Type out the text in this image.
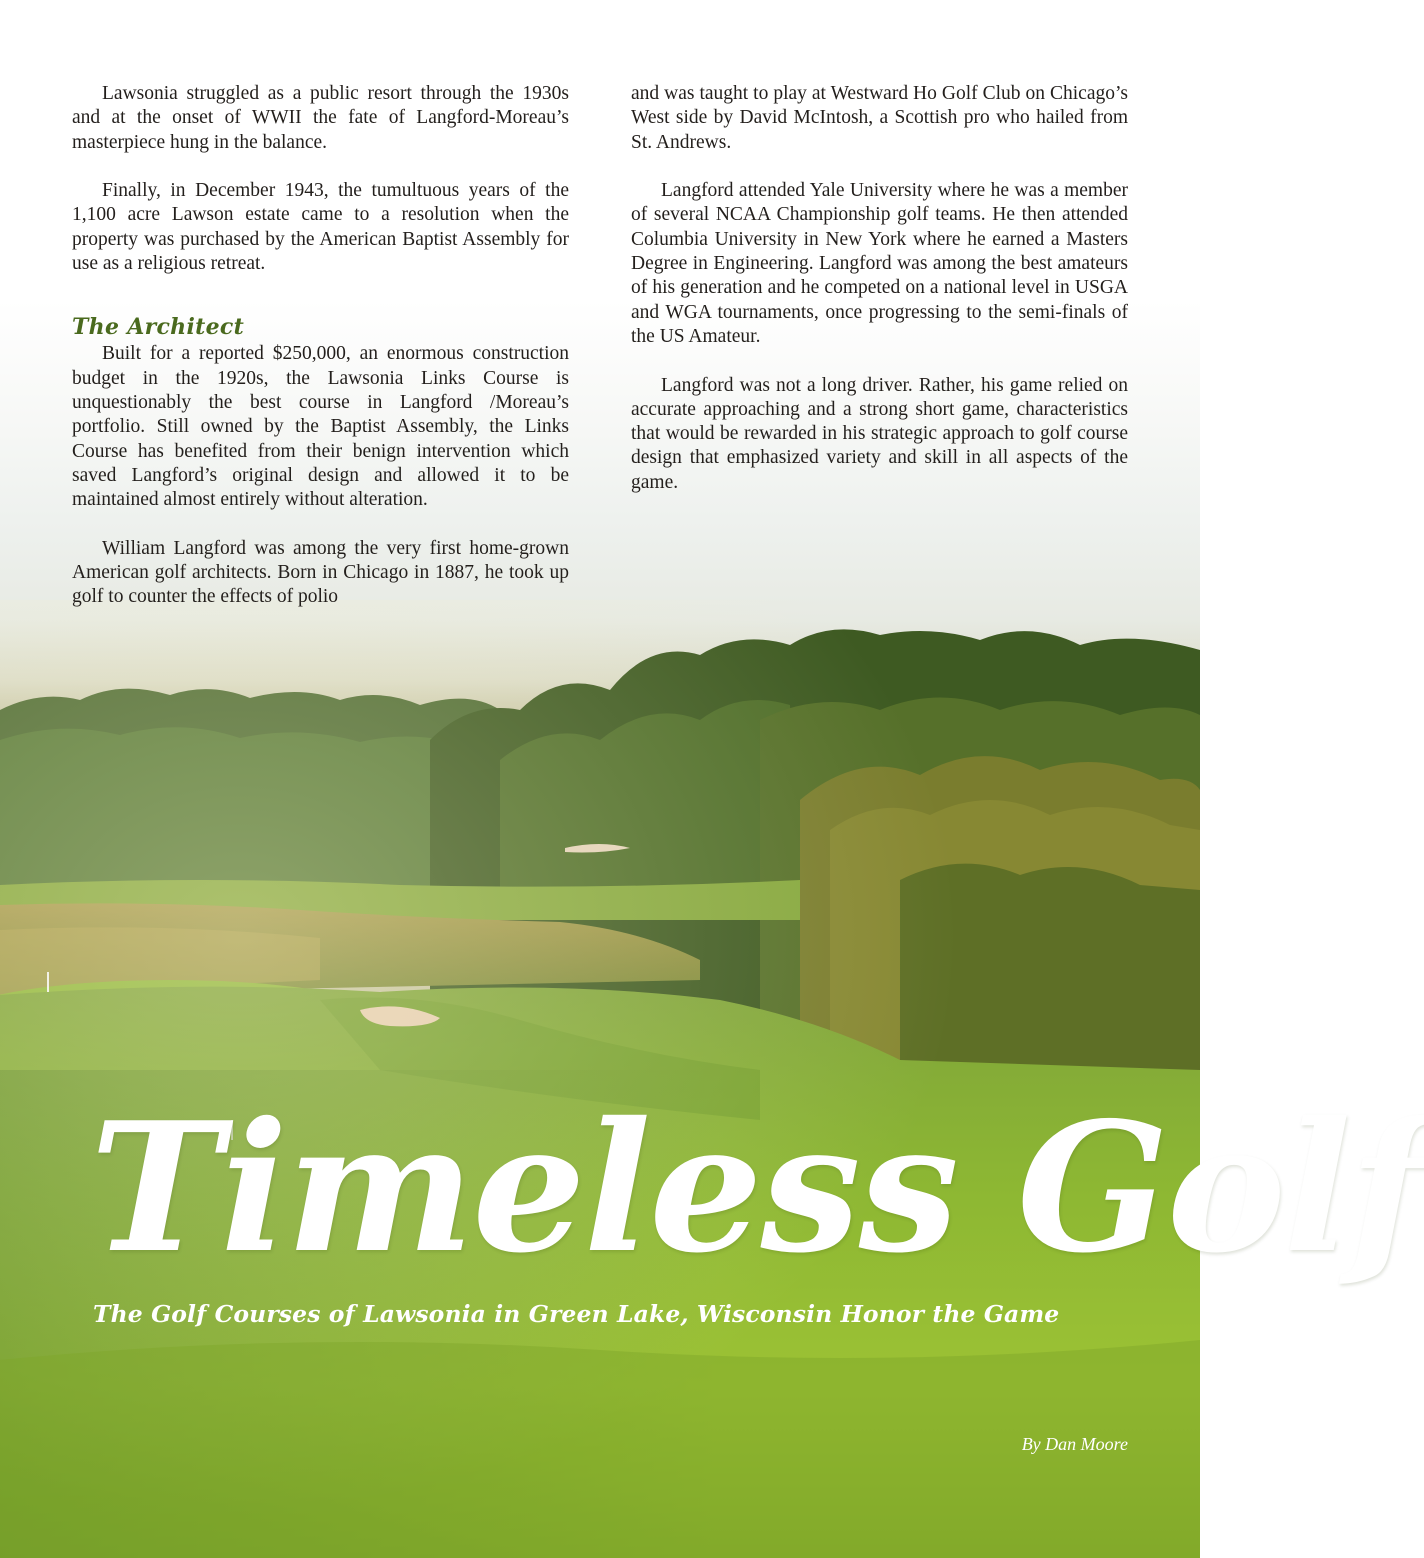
Lawsonia struggled as a public resort through the 1930s and at the onset of WWII the fate of Langford-Moreau’s masterpiece hung in the balance.

Finally, in December 1943, the tumultuous years of the 1,100 acre Lawson estate came to a resolution when the property was purchased by the American Baptist Assembly for use as a religious retreat.

The Architect

Built for a reported $250,000, an enormous construction budget in the 1920s, the Lawsonia Links Course is unquestionably the best course in Langford /Moreau’s portfolio. Still owned by the Baptist Assembly, the Links Course has benefited from their benign intervention which saved Langford’s original design and allowed it to be maintained almost entirely without alteration.

William Langford was among the very first home-grown American golf architects. Born in Chicago in 1887, he took up golf to counter the effects of polio

and was taught to play at Westward Ho Golf Club on Chicago’s West side by David McIntosh, a Scottish pro who hailed from St. Andrews.

Langford attended Yale University where he was a member of several NCAA Championship golf teams. He then attended Columbia University in New York where he earned a Masters Degree in Engineering. Langford was among the best amateurs of his generation and he competed on a national level in USGA and WGA tournaments, once progressing to the semi-finals of the US Amateur.

Langford was not a long driver. Rather, his game relied on accurate approaching and a strong short game, characteristics that would be rewarded in his strategic approach to golf course design that emphasized variety and skill in all aspects of the game.

Timeless Golf
The Golf Courses of Lawsonia in Green Lake, Wisconsin Honor the Game
By Dan Moore
